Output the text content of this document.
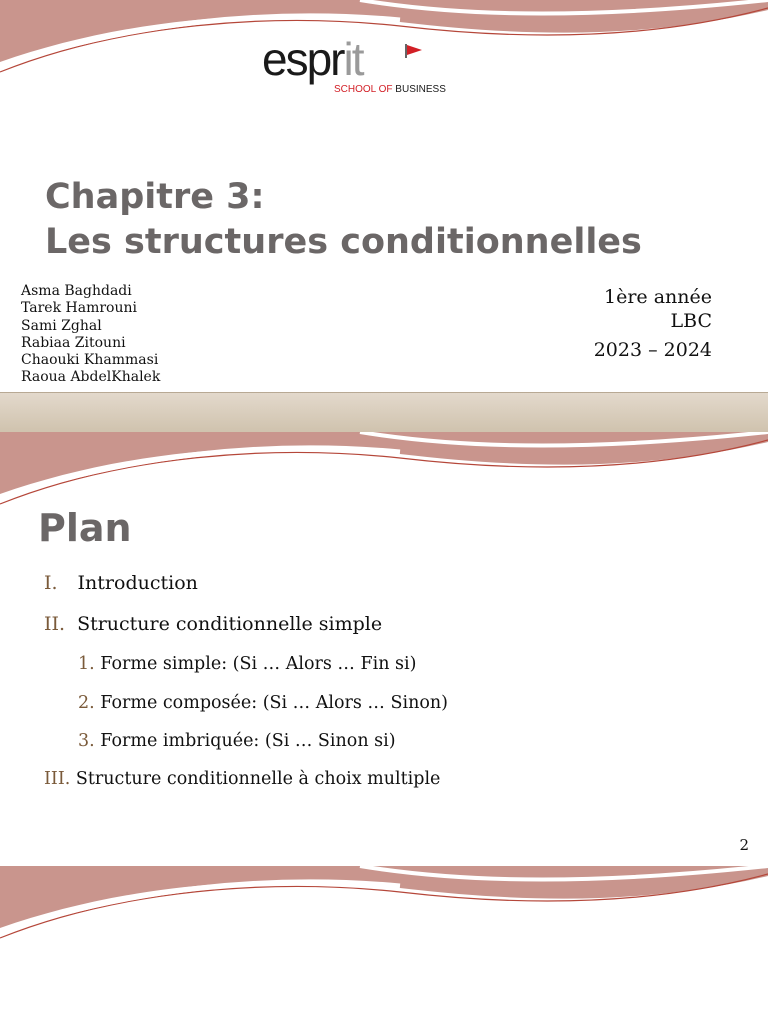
esprit
SCHOOL OF BUSINESS
Chapitre 3:
Les structures conditionnelles
Asma Baghdadi
Tarek Hamrouni
Sami Zghal
Rabiaa Zitouni
Chaouki Khammasi
Raoua AbdelKhalek
1ère année
LBC
2023 – 2024
Plan
I. Introduction
II. Structure conditionnelle simple
1. Forme simple: (Si … Alors … Fin si)
2. Forme composée: (Si … Alors … Sinon)
3. Forme imbriquée: (Si … Sinon si)
III. Structure conditionnelle à choix multiple
2
